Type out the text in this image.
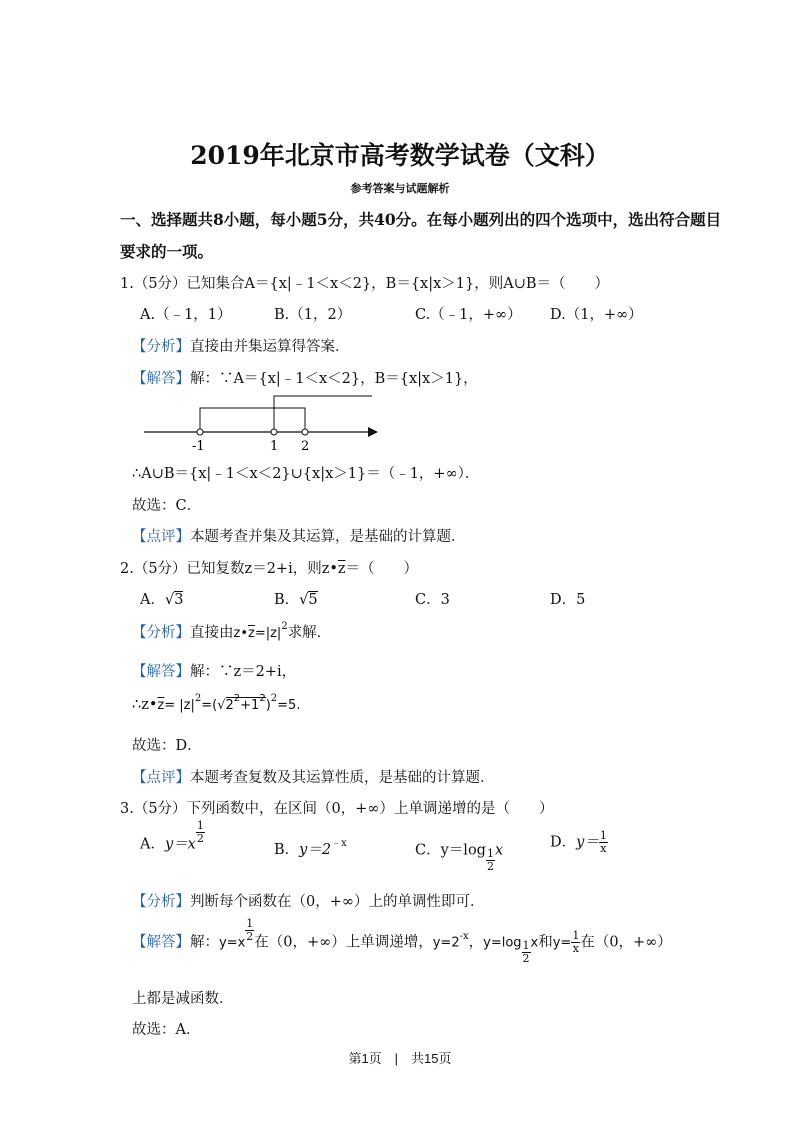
2019年北京市高考数学试卷（文科）
参考答案与试题解析
一、选择题共8小题，每小题5分，共40分。在每小题列出的四个选项中，选出符合题目
要求的一项。
1.（5分）已知集合A＝{x|﹣1＜x＜2}，B＝{x|x＞1}，则A∪B＝（　　）
A.（﹣1，1）	B.（1，2）	C.（﹣1，+∞） D.（1，+∞）
【分析】直接由并集运算得答案．
【解答】解：∵A＝{x|﹣1＜x＜2}，B＝{x|x＞1}，
-1	1 2
∴A∪B＝{x|﹣1＜x＜2}∪{x|x＞1}＝（﹣1，+∞）．
故选：C．
【点评】本题考查并集及其运算，是基础的计算题．
2.（5分）已知复数z＝2+i，则$z•\overline{z}=$（　　）
A．√3	B．√5	C．3	D．5
【分析】直接由$z•\overline{z}=|z|^2$求解．
【解答】解：∵z＝2+i，
$\therefore z•\overline{z}= |z|^2=(√2^2+1^2)^2=5$.
故选：D．
【点评】本题考查复数及其运算性质，是基础的计算题．
3.（5分）下列函数中，在区间（0，+∞）上单调递增的是（　　）
A．$y=x \frac{1}{2}$
B．$y=2^{﹣x}$	C．$y=\log \frac{1}{2}$ x	D．$y= \frac{1}{x}$
【分析】判断每个函数在（0，+∞）上的单调性即可．
【解答】解：$y=x \frac{1}{2}$ 在（0，+∞）上单调递增，$y=2^{-x}$，$y=\log \frac{1}{2}$ x和$y= \frac{1}{x}$ 在（0，+∞）
上都是减函数．
故选：A．
第1页　|　共15页
